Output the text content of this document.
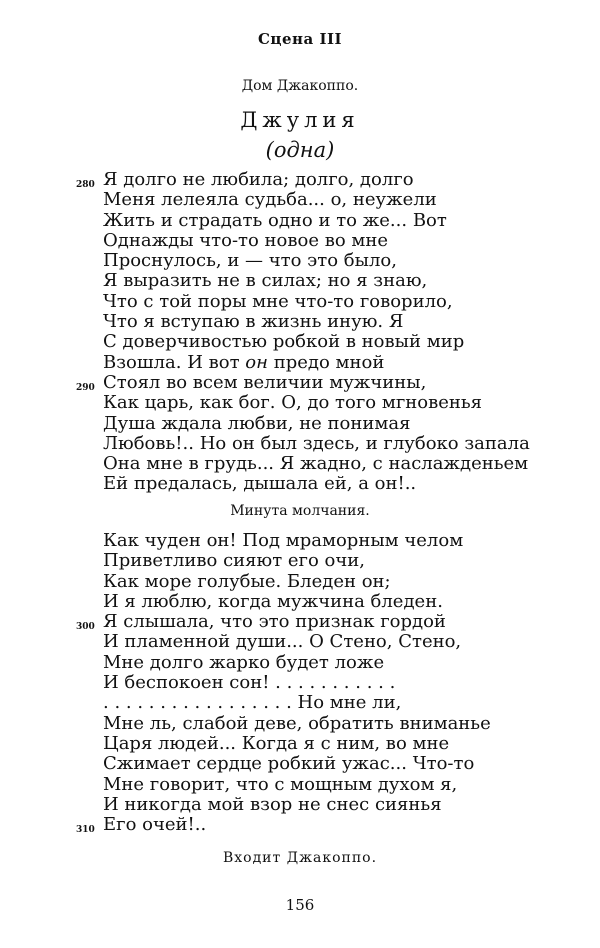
Сцена III
Дом Джакоппо.
Джулия
(одна)
280 Я долго не любила; долго, долго
Меня лелеяла судьба... о, неужели
Жить и страдать одно и то же... Вот
Однажды что-то новое во мне
Проснулось, и — что это было,
Я выразить не в силах; но я знаю,
Что с той поры мне что-то говорило,
Что я вступаю в жизнь иную. Я
С доверчивостью робкой в новый мир
Взошла. И вот он предо мной
290 Стоял во всем величии мужчины,
Как царь, как бог. О, до того мгновенья
Душа ждала любви, не понимая
Любовь!.. Но он был здесь, и глубоко запала
Она мне в грудь... Я жадно, с наслажденьем
Ей предалась, дышала ей, а он!..
Минута молчания.
Как чуден он! Под мраморным челом
Приветливо сияют его очи,
Как море голубые. Бледен он;
И я люблю, когда мужчина бледен.
300 Я слышала, что это признак гордой
И пламенной души... О Стено, Стено,
Мне долго жарко будет ложе
И беспокоен сон! . . . . . . . . . . .
. . . . . . . . . . . . . . . . . Но мне ли,
Мне ль, слабой деве, обратить вниманье
Царя людей... Когда я с ним, во мне
Сжимает сердце робкий ужас... Что-то
Мне говорит, что с мощным духом я,
И никогда мой взор не снес сиянья
310 Его очей!..
Входит Джакоппо.
156
